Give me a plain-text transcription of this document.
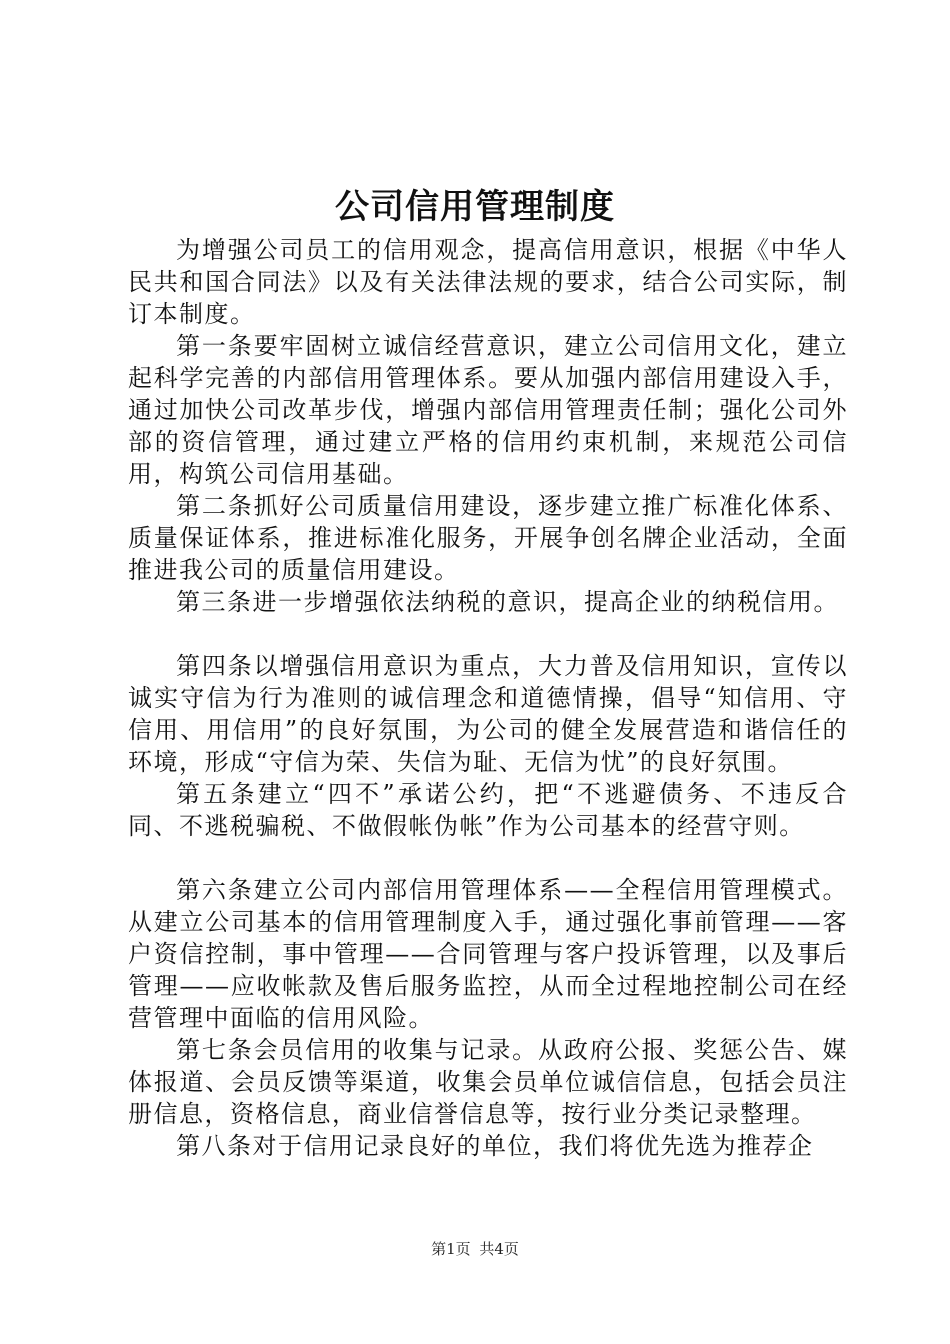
公司信用管理制度

为增强公司员工的信用观念，提高信用意识，根据《中华人民共和国合同法》以及有关法律法规的要求，结合公司实际，制订本制度。

第一条要牢固树立诚信经营意识，建立公司信用文化，建立起科学完善的内部信用管理体系。要从加强内部信用建设入手，通过加快公司改革步伐，增强内部信用管理责任制；强化公司外部的资信管理，通过建立严格的信用约束机制，来规范公司信用，构筑公司信用基础。

第二条抓好公司质量信用建设，逐步建立推广标准化体系、质量保证体系，推进标准化服务，开展争创名牌企业活动，全面推进我公司的质量信用建设。

第三条进一步增强依法纳税的意识，提高企业的纳税信用。

第四条以增强信用意识为重点，大力普及信用知识，宣传以诚实守信为行为准则的诚信理念和道德情操，倡导“知信用、守信用、用信用”的良好氛围，为公司的健全发展营造和谐信任的环境，形成“守信为荣、失信为耻、无信为忧”的良好氛围。

第五条建立“四不”承诺公约，把“不逃避债务、不违反合同、不逃税骗税、不做假帐伪帐”作为公司基本的经营守则。

第六条建立公司内部信用管理体系——全程信用管理模式。从建立公司基本的信用管理制度入手，通过强化事前管理——客户资信控制，事中管理——合同管理与客户投诉管理，以及事后管理——应收帐款及售后服务监控，从而全过程地控制公司在经营管理中面临的信用风险。

第七条会员信用的收集与记录。从政府公报、奖惩公告、媒体报道、会员反馈等渠道，收集会员单位诚信信息，包括会员注册信息，资格信息，商业信誉信息等，按行业分类记录整理。

第八条对于信用记录良好的单位，我们将优先选为推荐企

第1页 共4页
